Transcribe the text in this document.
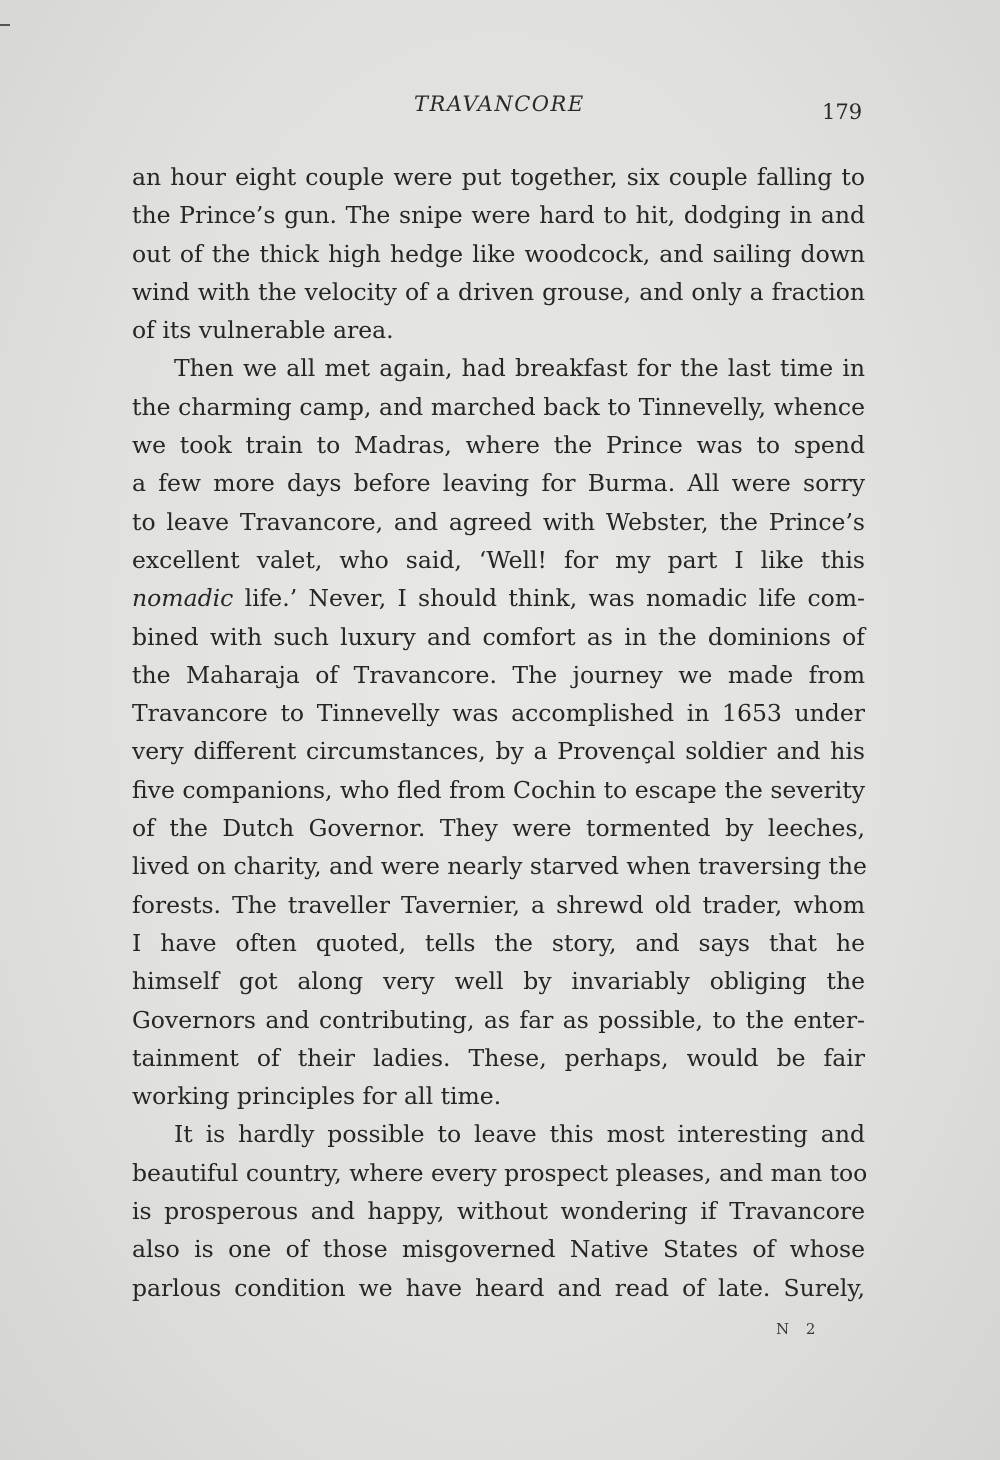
TRAVANCORE	179
an hour eight couple were put together, six couple falling to
the Prince’s gun. The snipe were hard to hit, dodging in and
out of the thick high hedge like woodcock, and sailing down
wind with the velocity of a driven grouse, and only a fraction
of its vulnerable area.
Then we all met again, had breakfast for the last time in
the charming camp, and marched back to Tinnevelly, whence
we took train to Madras, where the Prince was to spend
a few more days before leaving for Burma. All were sorry
to leave Travancore, and agreed with Webster, the Prince’s
excellent valet, who said, ‘Well! for my part I like this
nomadic life.’ Never, I should think, was nomadic life com-
bined with such luxury and comfort as in the dominions of
the Maharaja of Travancore. The journey we made from
Travancore to Tinnevelly was accomplished in 1653 under
very different circumstances, by a Provençal soldier and his
five companions, who fled from Cochin to escape the severity
of the Dutch Governor. They were tormented by leeches,
lived on charity, and were nearly starved when traversing the
forests. The traveller Tavernier, a shrewd old trader, whom
I have often quoted, tells the story, and says that he
himself got along very well by invariably obliging the
Governors and contributing, as far as possible, to the enter-
tainment of their ladies. These, perhaps, would be fair
working principles for all time.
It is hardly possible to leave this most interesting and
beautiful country, where every prospect pleases, and man too
is prosperous and happy, without wondering if Travancore
also is one of those misgoverned Native States of whose
parlous condition we have heard and read of late. Surely,
N 2
